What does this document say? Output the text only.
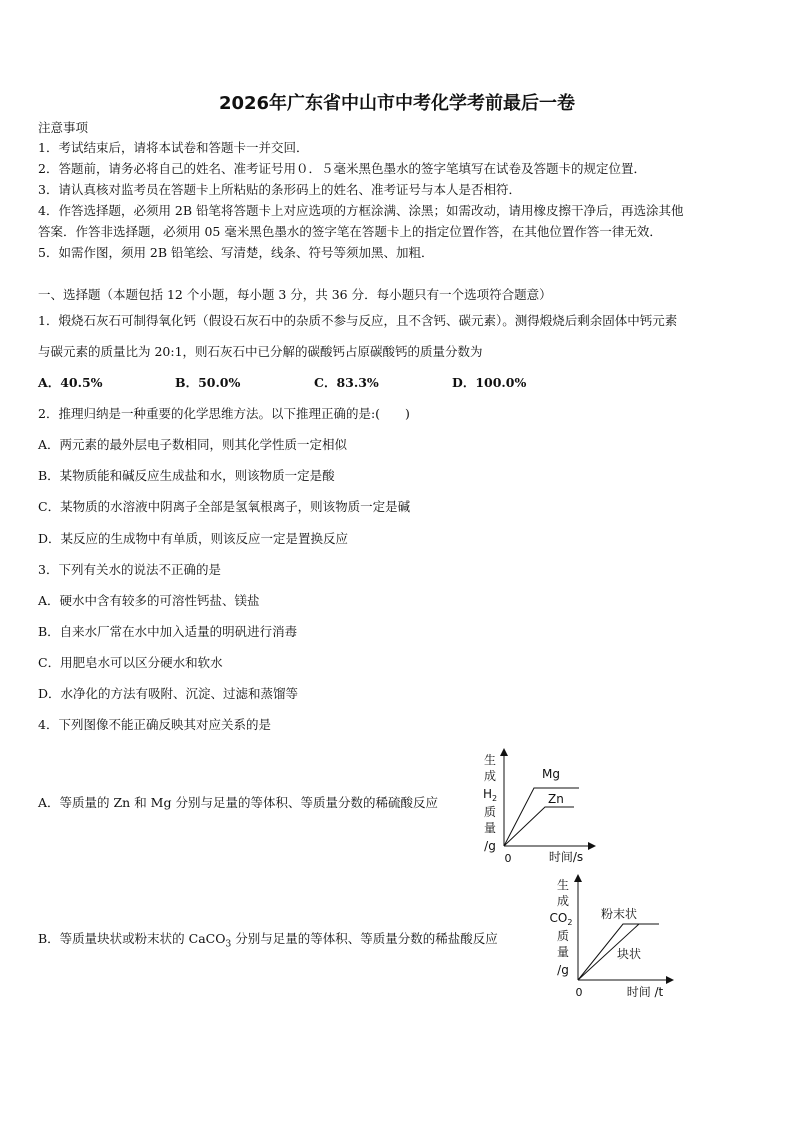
2026年广东省中山市中考化学考前最后一卷
注意事项
1．考试结束后，请将本试卷和答题卡一并交回．
2．答题前，请务必将自己的姓名、准考证号用０．５毫米黑色墨水的签字笔填写在试卷及答题卡的规定位置．
3．请认真核对监考员在答题卡上所粘贴的条形码上的姓名、准考证号与本人是否相符．
4．作答选择题，必须用 2B 铅笔将答题卡上对应选项的方框涂满、涂黑；如需改动，请用橡皮擦干净后，再选涂其他
答案．作答非选择题，必须用 05 毫米黑色墨水的签字笔在答题卡上的指定位置作答，在其他位置作答一律无效．
5．如需作图，须用 2B 铅笔绘、写清楚，线条、符号等须加黑、加粗．
一、选择题（本题包括 12 个小题，每小题 3 分，共 36 分．每小题只有一个选项符合题意）
1．煅烧石灰石可制得氧化钙（假设石灰石中的杂质不参与反应，且不含钙、碳元素）。测得煅烧后剩余固体中钙元素
与碳元素的质量比为 20:1，则石灰石中已分解的碳酸钙占原碳酸钙的质量分数为
A．40.5%	B．50.0%	C．83.3%	D．100.0%
2．推理归纳是一种重要的化学思维方法。以下推理正确的是:(　　)
A．两元素的最外层电子数相同，则其化学性质一定相似
B．某物质能和碱反应生成盐和水，则该物质一定是酸
C．某物质的水溶液中阴离子全部是氢氧根离子，则该物质一定是碱
D．某反应的生成物中有单质，则该反应一定是置换反应
3．下列有关水的说法不正确的是
A．硬水中含有较多的可溶性钙盐、镁盐
B．自来水厂常在水中加入适量的明矾进行消毒
C．用肥皂水可以区分硬水和软水
D．水净化的方法有吸附、沉淀、过滤和蒸馏等
4．下列图像不能正确反映其对应关系的是
A．等质量的 Zn 和 Mg 分别与足量的等体积、等质量分数的稀硫酸反应
B．等质量块状或粉末状的 CaCO$_3$ 分别与足量的等体积、等质量分数的稀盐酸反应
生
成
$H_2$
质
量
/g
0	时间/s
Mg
Zn
生
成
$CO_2$
质
量
/g
0	时间 /t
粉末状
块状
